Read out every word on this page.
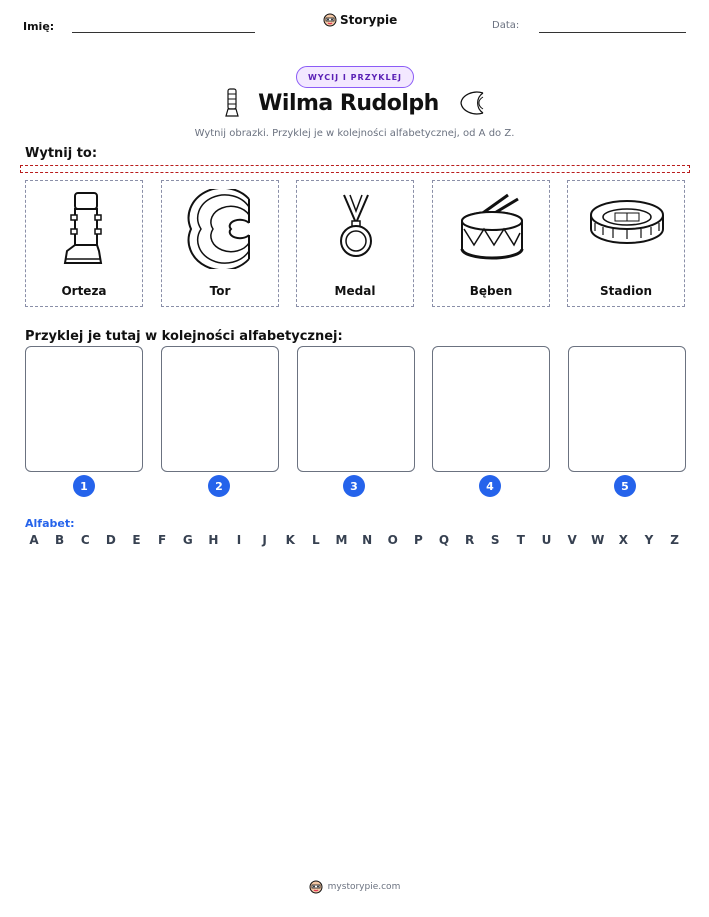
Imię:	Storypie	Data:
WYCIJ I PRZYKLEJ
Wilma Rudolph
Wytnij obrazki. Przyklej je w kolejności alfabetycznej, od A do Z.
Wytnij to:
Orteza	Tor	Medal	Bęben	Stadion
Przyklej je tutaj w kolejności alfabetycznej:
1	2	3	4	5
Alfabet:
A B C D E F G H	I	J	K L M N O P Q R S T U V W X Y Z
mystorypie.com
